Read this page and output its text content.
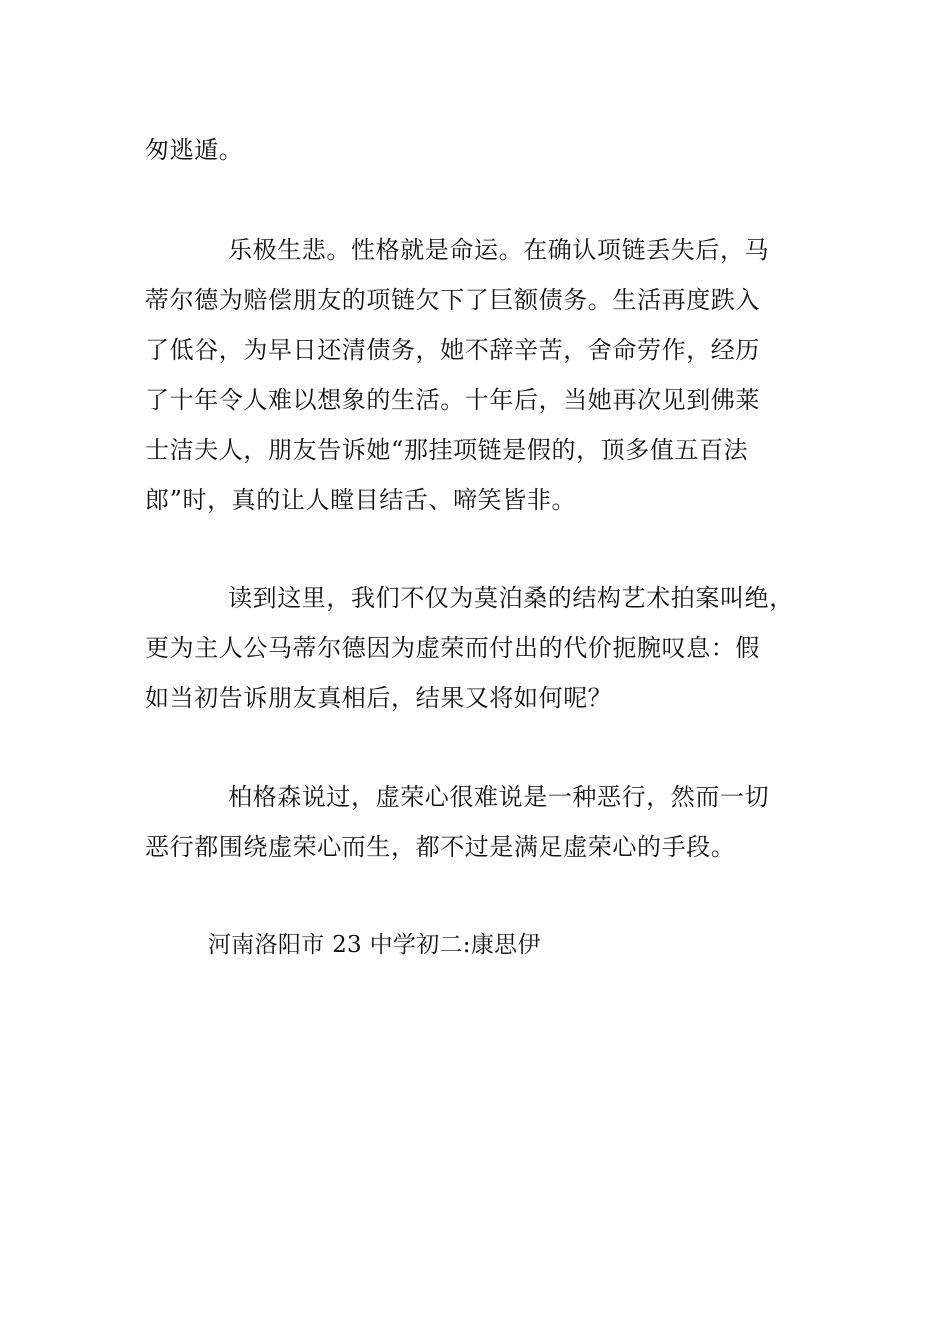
匆逃遁。
乐极生悲。性格就是命运。在确认项链丢失后，马
蒂尔德为赔偿朋友的项链欠下了巨额债务。生活再度跌入
了低谷，为早日还清债务，她不辞辛苦，舍命劳作，经历
了十年令人难以想象的生活。十年后，当她再次见到佛莱
士洁夫人，朋友告诉她“那挂项链是假的，顶多值五百法
郎”时，真的让人瞠目结舌、啼笑皆非。
读到这里，我们不仅为莫泊桑的结构艺术拍案叫绝，
更为主人公马蒂尔德因为虚荣而付出的代价扼腕叹息：假
如当初告诉朋友真相后，结果又将如何呢？
柏格森说过，虚荣心很难说是一种恶行，然而一切
恶行都围绕虚荣心而生，都不过是满足虚荣心的手段。
河南洛阳市 23 中学初二:康思伊
